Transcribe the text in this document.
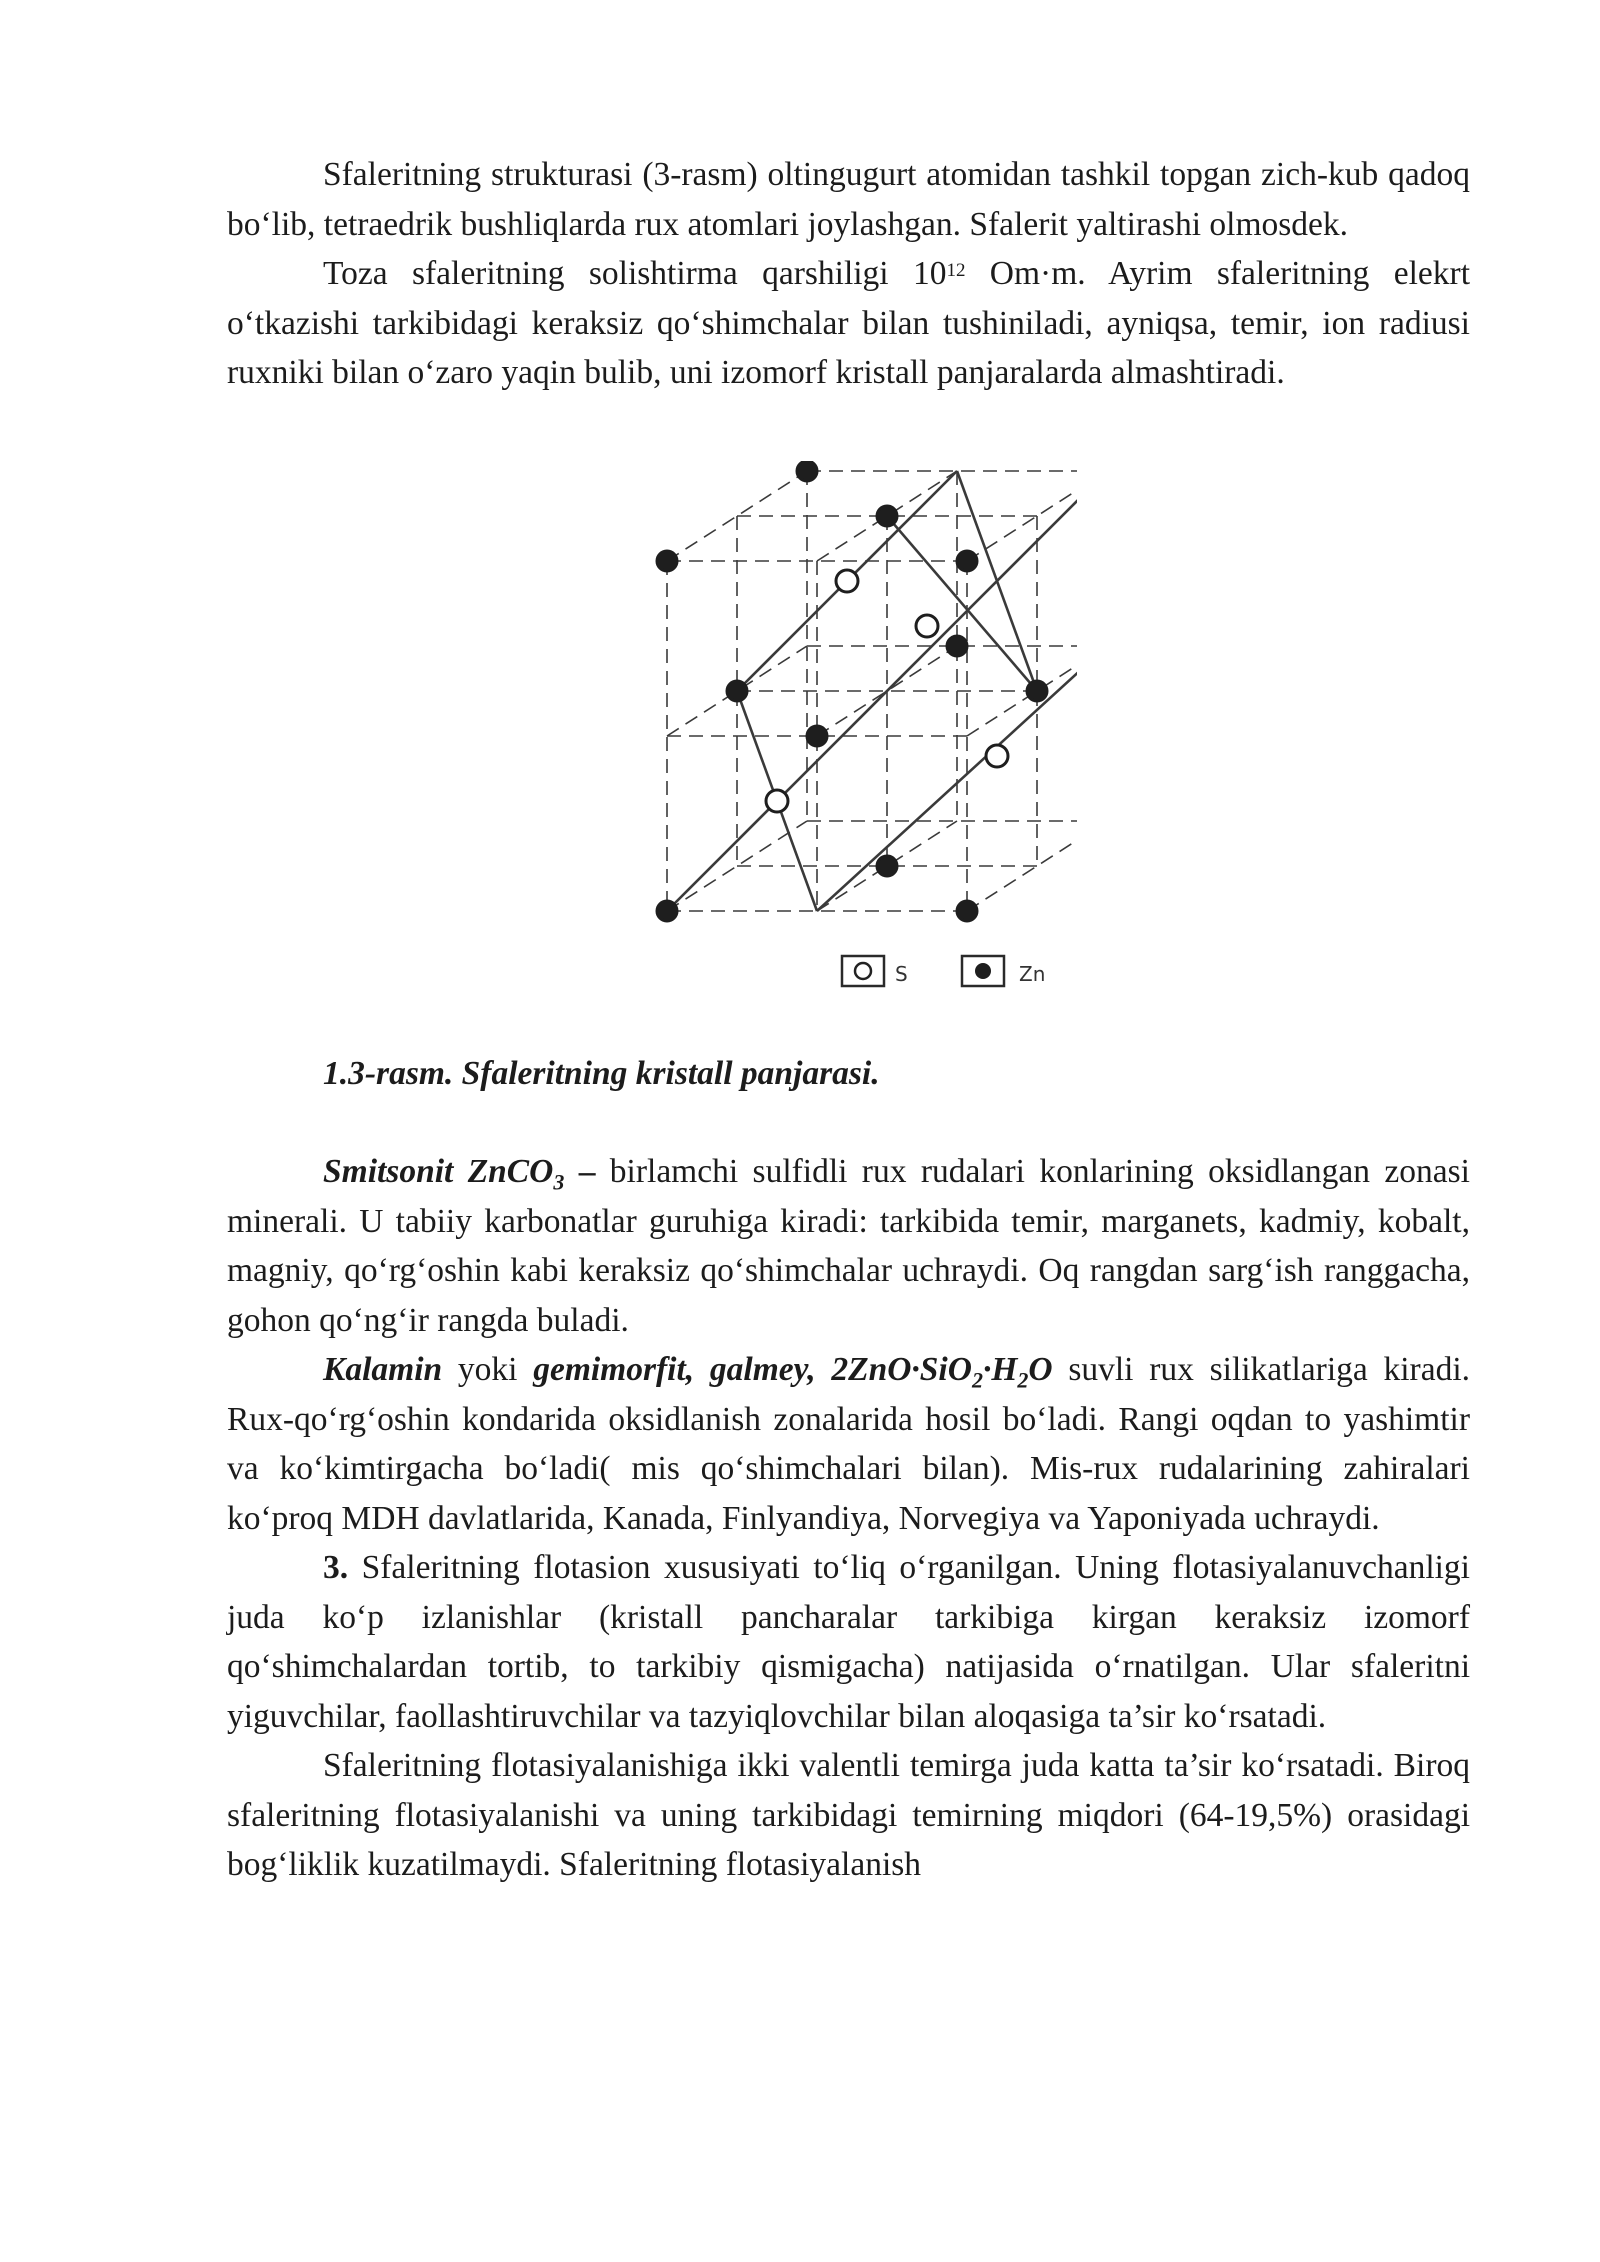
Sfaleritning strukturasi (3-rasm) oltingugurt atomidan tashkil topgan zich-kub qadoq bo‘lib, tetraedrik bushliqlarda rux atomlari joylashgan. Sfalerit yaltirashi olmosdek.

Toza sfaleritning solishtirma qarshiligi $10^{12}$ Om·m. Ayrim sfaleritning elekrt o‘tkazishi tarkibidagi keraksiz qo‘shimchalar bilan tushiniladi, ayniqsa, temir, ion radiusi ruxniki bilan o‘zaro yaqin bulib, uni izomorf kristall panjaralarda almashtiradi.

S	Zn

1.3-rasm. Sfaleritning kristall panjarasi.

Smitsonit ZnCO$_3$ – birlamchi sulfidli rux rudalari konlarining oksidlangan zonasi minerali. U tabiiy karbonatlar guruhiga kiradi: tarkibida temir, marganets, kadmiy, kobalt, magniy, qo‘rg‘oshin kabi keraksiz qo‘shimchalar uchraydi. Oq rangdan sarg‘ish ranggacha, gohon qo‘ng‘ir rangda buladi.

Kalamin yoki gemimorfit, galmey, $2ZnO\cdot SiO_2\cdot H_2O$ suvli rux silikatlariga kiradi. Rux-qo‘rg‘oshin kondarida oksidlanish zonalarida hosil bo‘ladi. Rangi oqdan to yashimtir va ko‘kimtirgacha bo‘ladi( mis qo‘shimchalari bilan). Mis-rux rudalarining zahiralari ko‘proq MDH davlatlarida, Kanada, Finlyandiya, Norvegiya va Yaponiyada uchraydi.

3. Sfaleritning flotasion xususiyati to‘liq o‘rganilgan. Uning flotasiyalanuvchanligi juda ko‘p izlanishlar (kristall pancharalar tarkibiga kirgan keraksiz izomorf qo‘shimchalardan tortib, to tarkibiy qismigacha) natijasida o‘rnatilgan. Ular sfaleritni yiguvchilar, faollashtiruvchilar va tazyiqlovchilar bilan aloqasiga ta’sir ko‘rsatadi.

Sfaleritning flotasiyalanishiga ikki valentli temirga juda katta ta’sir ko‘rsatadi. Biroq sfaleritning flotasiyalanishi va uning tarkibidagi temirning miqdori (64-19,5%) orasidagi bog‘liklik kuzatilmaydi. Sfaleritning flotasiyalanish
